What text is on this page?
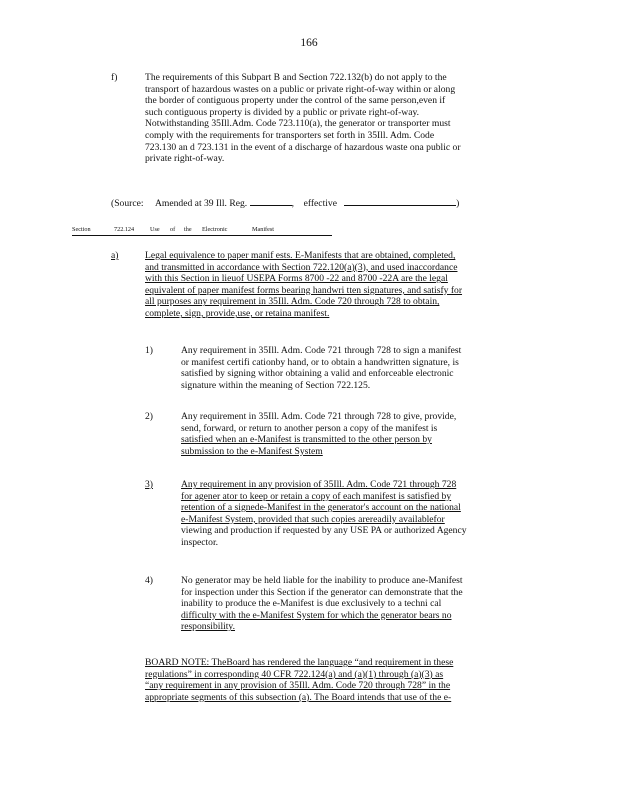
166
f)	The requirements of this Subpart B and Section 722.132(b) do not apply to the
transport of hazardous wastes on a public or private right-of-way within or along
the border of contiguous property under the control of the same person,even if
such contiguous property is divided by a public or private right-of-way.
Notwithstanding 35Ill.Adm. Code 723.110(a), the generator or transporter must
comply with the requirements for transporters set forth in 35Ill. Adm. Code
723.130 an d 723.131 in the event of a discharge of hazardous waste ona public or
private right-of-way.
(Source: Amended at 39 Ill. Reg.	, effective	)
Section	722.124	Use of the Electronic	Manifest
a)	Legal equivalence to paper manif ests. E-Manifests that are obtained, completed,
and transmitted in accordance with Section 722.120(a)(3), and used inaccordance
with this Section in lieuof USEPA Forms 8700 -22 and 8700 -22A are the legal
equivalent of paper manifest forms bearing handwri tten signatures, and satisfy for
all purposes any requirement in 35Ill. Adm. Code 720 through 728 to obtain,
complete, sign, provide,use, or retaina manifest.
1)	Any requirement in 35Ill. Adm. Code 721 through 728 to sign a manifest
or manifest certifi cationby hand, or to obtain a handwritten signature, is
satisfied by signing withor obtaining a valid and enforceable electronic
signature within the meaning of Section 722.125.
2)	Any requirement in 35Ill. Adm. Code 721 through 728 to give, provide,
send, forward, or return to another person a copy of the manifest is
satisfied when an e-Manifest is transmitted to the other person by
submission to the e-Manifest System
3)	Any requirement in any provision of 35Ill. Adm. Code 721 through 728
for agener ator to keep or retain a copy of each manifest is satisfied by
retention of a signede-Manifest in the generator's account on the national
e-Manifest System, provided that such copies arereadily availablefor
viewing and production if requested by any USE PA or authorized Agency
inspector.
4)	No generator may be held liable for the inability to produce ane-Manifest
for inspection under this Section if the generator can demonstrate that the
inability to produce the e-Manifest is due exclusively to a techni cal
difficulty with the e-Manifest System for which the generator bears no
responsibility.
BOARD NOTE: TheBoard has rendered the language “and requirement in these
regulations” in corresponding 40 CFR 722.124(a) and (a)(1) through (a)(3) as
“any requirement in any provision of 35Ill. Adm. Code 720 through 728” in the
appropriate segments of this subsection (a). The Board intends that use of the e-
